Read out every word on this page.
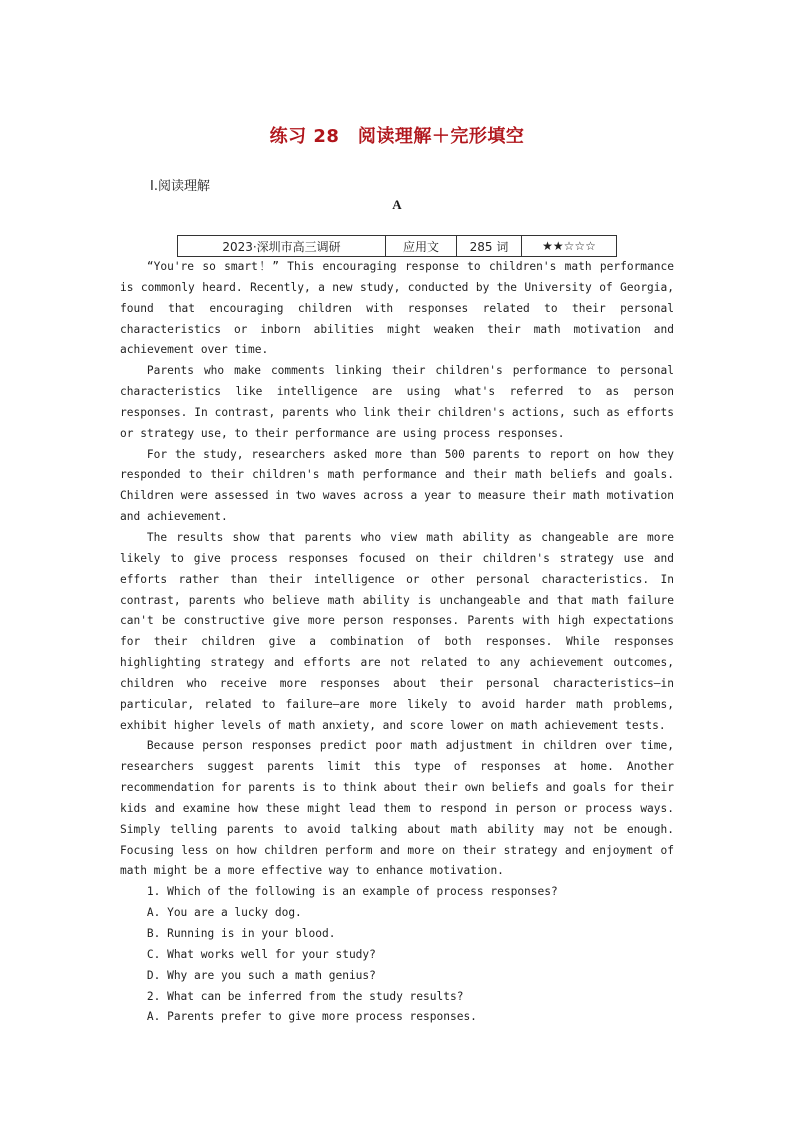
练习 28　阅读理解＋完形填空
Ⅰ.阅读理解
A
2023·深圳市高三调研	应用文	285 词	★★☆☆☆

“You're so smart！” This encouraging response to children's math performance is commonly heard. Recently, a new study, conducted by the University of Georgia, found that encouraging children with responses related to their personal characteristics or inborn abilities might weaken their math motivation and achievement over time.

Parents who make comments linking their children's performance to personal characteristics like intelligence are using what's referred to as person responses. In contrast, parents who link their children's actions, such as efforts or strategy use, to their performance are using process responses.

For the study, researchers asked more than 500 parents to report on how they responded to their children's math performance and their math beliefs and goals. Children were assessed in two waves across a year to measure their math motivation and achievement.

The results show that parents who view math ability as changeable are more likely to give process responses focused on their children's strategy use and efforts rather than their intelligence or other personal characteristics. In contrast, parents who believe math ability is unchangeable and that math failure can't be constructive give more person responses. Parents with high expectations for their children give a combination of both responses. While responses highlighting strategy and efforts are not related to any achievement outcomes, children who receive more responses about their personal characteristics—in particular, related to failure—are more likely to avoid harder math problems, exhibit higher levels of math anxiety, and score lower on math achievement tests.

Because person responses predict poor math adjustment in children over time, researchers suggest parents limit this type of responses at home. Another recommendation for parents is to think about their own beliefs and goals for their kids and examine how these might lead them to respond in person or process ways. Simply telling parents to avoid talking about math ability may not be enough. Focusing less on how children perform and more on their strategy and enjoyment of math might be a more effective way to enhance motivation.

1. Which of the following is an example of process responses?

A. You are a lucky dog.

B. Running is in your blood.

C. What works well for your study?

D. Why are you such a math genius?

2. What can be inferred from the study results?

A. Parents prefer to give more process responses.
